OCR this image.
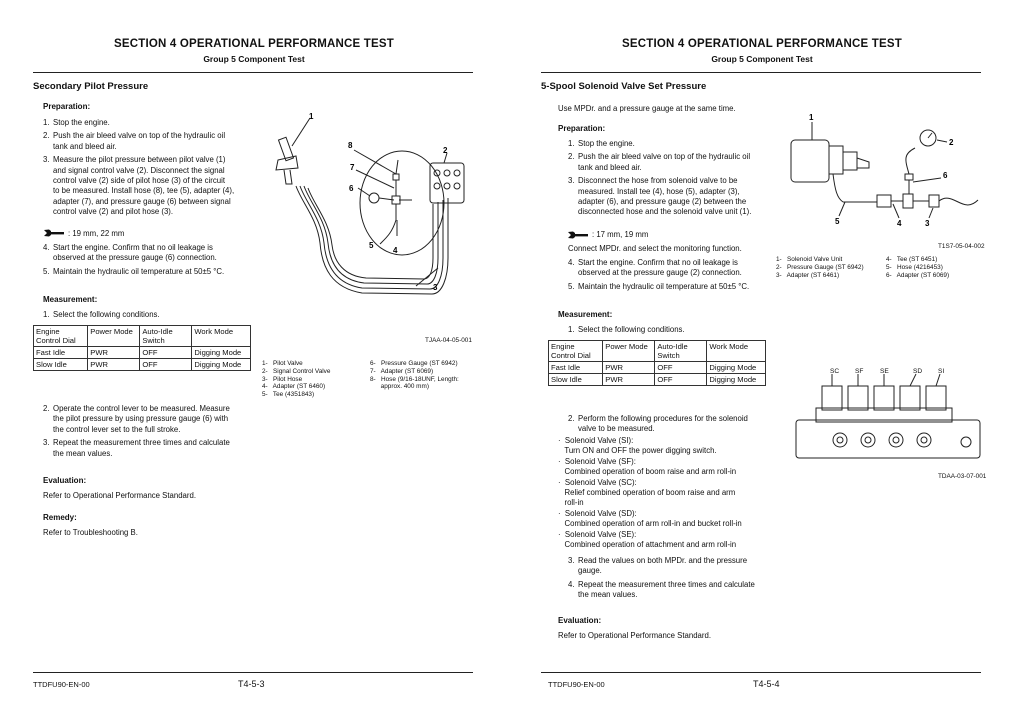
SECTION 4 OPERATIONAL PERFORMANCE TEST
Group 5 Component Test
Secondary Pilot Pressure
Preparation:
1. Stop the engine.
2. Push the air bleed valve on top of the hydraulic oil
tank and bleed air.
3. Measure the pilot pressure between pilot valve (1)
and signal control valve (2). Disconnect the signal
control valve (2) side of pilot hose (3) of the circuit
to be measured. Install hose (8), tee (5), adapter (4),
adapter (7), and pressure gauge (6) between signal
control valve (2) and pilot hose (3).
: 19 mm, 22 mm
4. Start the engine. Confirm that no oil leakage is
observed at the pressure gauge (6) connection.
5. Maintain the hydraulic oil temperature at 50±5 °C.
Measurement:
1. Select the following conditions.
Engine Control Dial	Power Mode	Auto-Idle Switch	Work Mode
Fast Idle	PWR	OFF	Digging Mode
Slow Idle	PWR	OFF	Digging Mode
2. Operate the control lever to be measured. Measure
the pilot pressure by using pressure gauge (6) with
the control lever set to the full stroke.
3. Repeat the measurement three times and calculate
the mean values.
Evaluation:
Refer to Operational Performance Standard.
Remedy:
Refer to Troubleshooting B.
1
2
3
4
5
6
7
8
TJAA-04-05-001
1-   Pilot Valve
2-   Signal Control Valve
3-   Pilot Hose
4-   Adapter (ST 6460)
5-   Tee (4351843)
6-   Pressure Gauge (ST 6942)
7-   Adapter (ST 6069)
8-   Hose (9/16-18UNF, Length:
approx. 400 mm)
TTDFU90-EN-00	T4-5-3
SECTION 4 OPERATIONAL PERFORMANCE TEST
Group 5 Component Test
5-Spool Solenoid Valve Set Pressure
Use MPDr. and a pressure gauge at the same time.
Preparation:
1. Stop the engine.
2. Push the air bleed valve on top of the hydraulic oil
tank and bleed air.
3. Disconnect the hose from solenoid valve to be
measured. Install tee (4), hose (5), adapter (3),
adapter (6), and pressure gauge (2) between the
disconnected hose and the solenoid valve unit (1).
: 17 mm, 19 mm
Connect MPDr. and select the monitoring function.
4. Start the engine. Confirm that no oil leakage is
observed at the pressure gauge (2) connection.
5. Maintain the hydraulic oil temperature at 50±5 °C.
Measurement:
1. Select the following conditions.
Engine Control Dial	Power Mode	Auto-Idle Switch	Work Mode
Fast Idle	PWR	OFF	Digging Mode
Slow Idle	PWR	OFF	Digging Mode
2. Perform the following procedures for the solenoid
valve to be measured.
·  Solenoid Valve (SI):
Turn ON and OFF the power digging switch.
·  Solenoid Valve (SF):
Combined operation of boom raise and arm roll-in
·  Solenoid Valve (SC):
Relief combined operation of boom raise and arm
roll-in
·  Solenoid Valve (SD):
Combined operation of arm roll-in and bucket roll-in
·  Solenoid Valve (SE):
Combined operation of attachment and arm roll-in
3. Read the values on both MPDr. and the pressure
gauge.
4. Repeat the measurement three times and calculate
the mean values.
Evaluation:
Refer to Operational Performance Standard.
1
2
6
5	4	3
T1S7-05-04-002
1-   Solenoid Valve Unit
2-   Pressure Gauge (ST 6942)
3-   Adapter (ST 6461)
4-   Tee (ST 6451)
5-   Hose (4216453)
6-   Adapter (ST 6069)
SC SF	SE	SD SI
TDAA-03-07-001
TTDFU90-EN-00	T4-5-4
